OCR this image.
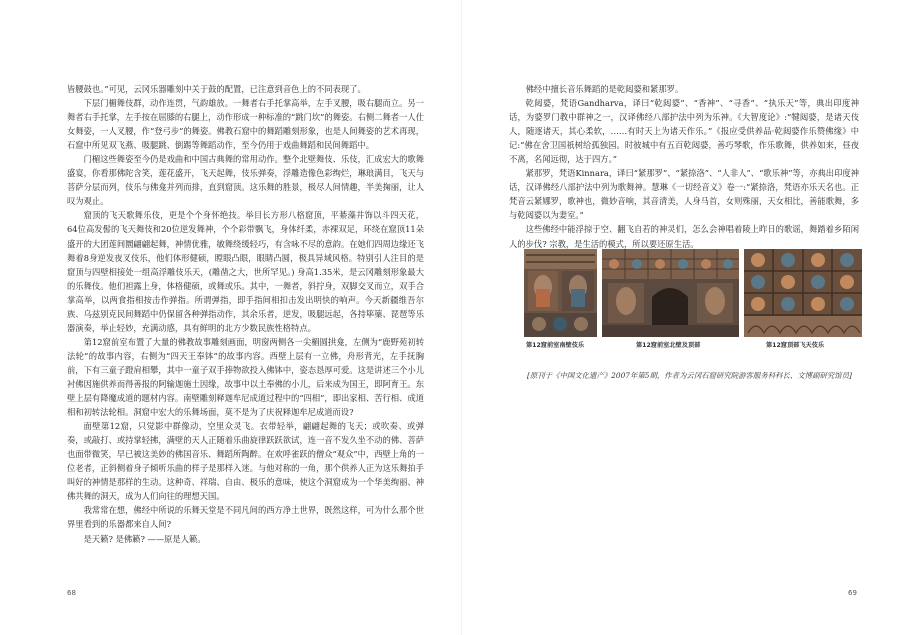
皆腰鼓也。”可见，云冈乐器雕刻中关于鼓的配置，已注意到音色上的不同表现了。

下层门楣舞伎群，动作连贯，气韵雄放。一舞者右手托掌高举，左手叉腰，吸右腿而立。另一舞者右手托掌，左手按在屈膝的右腿上，动作形成一种标准的“跳门坎”的舞姿。右侧二舞者一人仕女舞姿，一人叉腰，作“登弓步”的舞姿。佛教石窟中的舞蹈雕刻形象，也是人间舞姿的艺术再现，石窟中所见双飞燕、吸腿跳、倒踢等舞蹈动作，至今仍用于戏曲舞蹈和民间舞蹈中。

门楣这些舞姿至今仍是戏曲和中国古典舞的常用动作。整个北壁舞伎、乐伎，汇成宏大的歌舞盛宴，你看那佛陀含笑，莲花盛开，飞天起舞，伎乐弹奏，浮雕造像色彩绚烂，琳琅满目，飞天与菩萨分层而列，伎乐与佛龛并列而排，直到窟顶。这乐舞的胜景，极尽人间情趣，半美掬丽，让人叹为观止。

窟顶的飞天歌舞乐伎，更是个个身怀绝技。举目长方形八格窟顶，平綦藻井饰以斗四天花，64位高发髻的飞天舞伎和20位逆发舞神，个个彩带飘飞，身体纤柔，赤裸双足，环绕在窟顶11朵盛开的大团莲间圜翩翩起舞，神情优雅，敏舞绕缓轻巧，有含咏不尽的意韵。在她们四周边缘还飞舞着8身逆发夜叉伎乐，他们体形健硕，瞠眼凸眼，眼睛凸圆，极具异域风格。特别引人注目的是窟顶与四壁相接处一组高浮雕伎乐天，(雕凿之大，世所罕见。) 身高1.35米，是云冈雕刻形象最大的乐舞伎。他们袒露上身，体格健硕，或舞或乐。其中，一舞者，斜拧身，双脚交叉而立，双手合掌高举，以两食指相按击作弹指。所谓弹指，即手指间相扣击发出明快的响声。今天新疆维吾尔族、乌兹别克民间舞蹈中仍保留各种弹指动作，其余乐者，逆发，吸腿远起，各持筚篥、琵琶等乐器演奏，举止轻妙，充满动感，具有鲜明的北方少数民族性格特点。

第12窟前室布置了大量的佛教故事雕刻画面，明窗两侧各一尖楣圆拱龛，左侧为“鹿野苑初转法轮”的故事内容，右侧为“四天王奉钵”的故事内容。西壁上层有一立佛，舟形背光，左手抚胸前，下有三童子蹬肩相攀，其中一童子双手捧物欲投入佛钵中，姿态恳厚可爱。这是讲述三个小儿衬佛因施供养而得善报的阿输迦施土因缘，故事中以土奉佛的小儿，后来成为国王，即阿育王。东壁上层有降魔成道的题材内容。南壁雕刻释迦牟尼成道过程中的“四相”，即出家相、苦行相、成道相和初转法轮相。洞窟中宏大的乐舞场面，莫不是为了庆祝释迦牟尼成道而设?

面壁第12窟，只觉影中群像动，空里众灵飞。衣带轻举，翩翩起舞的飞天；或吹奏、或弹奏，或敲打、或持掌轻拂，满壁的天人正随着乐曲旋律跃跃欲试，连一音不发久坐不动的佛、菩萨也面带微笑，早已被这美妙的佛国音乐、舞蹈所陶醉。在欢呼雀跃的僧众“观众”中，西壁上角的一位老者，正斜侧着身子倾听乐曲的样子是那样入迷。与他对称的一角，那个供养人正为这乐舞拍手叫好的神情是那样的生动。这种奇、祥瑞、自由、极乐的意味，使这个洞窟成为一个华美绚丽、神佛共舞的洞天，成为人们向往的理想天国。

我常常在想，佛经中所说的乐舞天堂是不同凡间的西方净土世界，既然这样，可为什么那个世界里看到的乐器都来自人间?

是天籁? 是佛籁? ——原是人籁。

68

佛经中擅长音乐舞蹈的是乾闼婆和紧那罗。

乾闼婆，梵语Gandharva，译曰“乾闼婆”、“香神”、“寻香”、“执乐天”等，典出印度神话，为婆罗门教中群神之一，汉译佛经八部护法中列为乐神。《大智度论》:“犍闼婆，是诸天伎人，随逐诸天，其心柔软，……有时天上为诸天作乐。”《报应受供养品·乾闼婆作乐赞佛缘》中记:“佛在舍卫国祇树给孤独园。时彼城中有五百乾闼婆，善巧琴歌，作乐歌舞，供养如来，昼夜不离，名闻远彻，达于四方。”

紧那罗，梵语Kinnara，译曰“紧那罗”、“紧捺洛”、“人非人”、“歌乐神”等，亦典出印度神话，汉译佛经八部护法中列为歌舞神。慧琳《一切经音义》卷一:“紧捺洛，梵语亦乐天名也。正梵音云紧娜罗，歌神也，微妙音响，其音清美，人身马首，女则殊丽，天女相比，善能歌舞，多与乾闼婆以为妻室。”

这些佛经中能浮掠于空、翻飞自若的神灵们，怎么会神唱着陵上昨日的歌谣，舞踏着乡陌闲人的步伐? 宗教，是生活的模式，所以要还原生活。

第12窟前室南壁伎乐	第12窟前室北壁及顶部	第12窟顶部飞天伎乐
[原刊于《中国文化遗产》2007年第5期，作者为云冈石窟研究院游客服务科科长、文博副研究馆员]
69
